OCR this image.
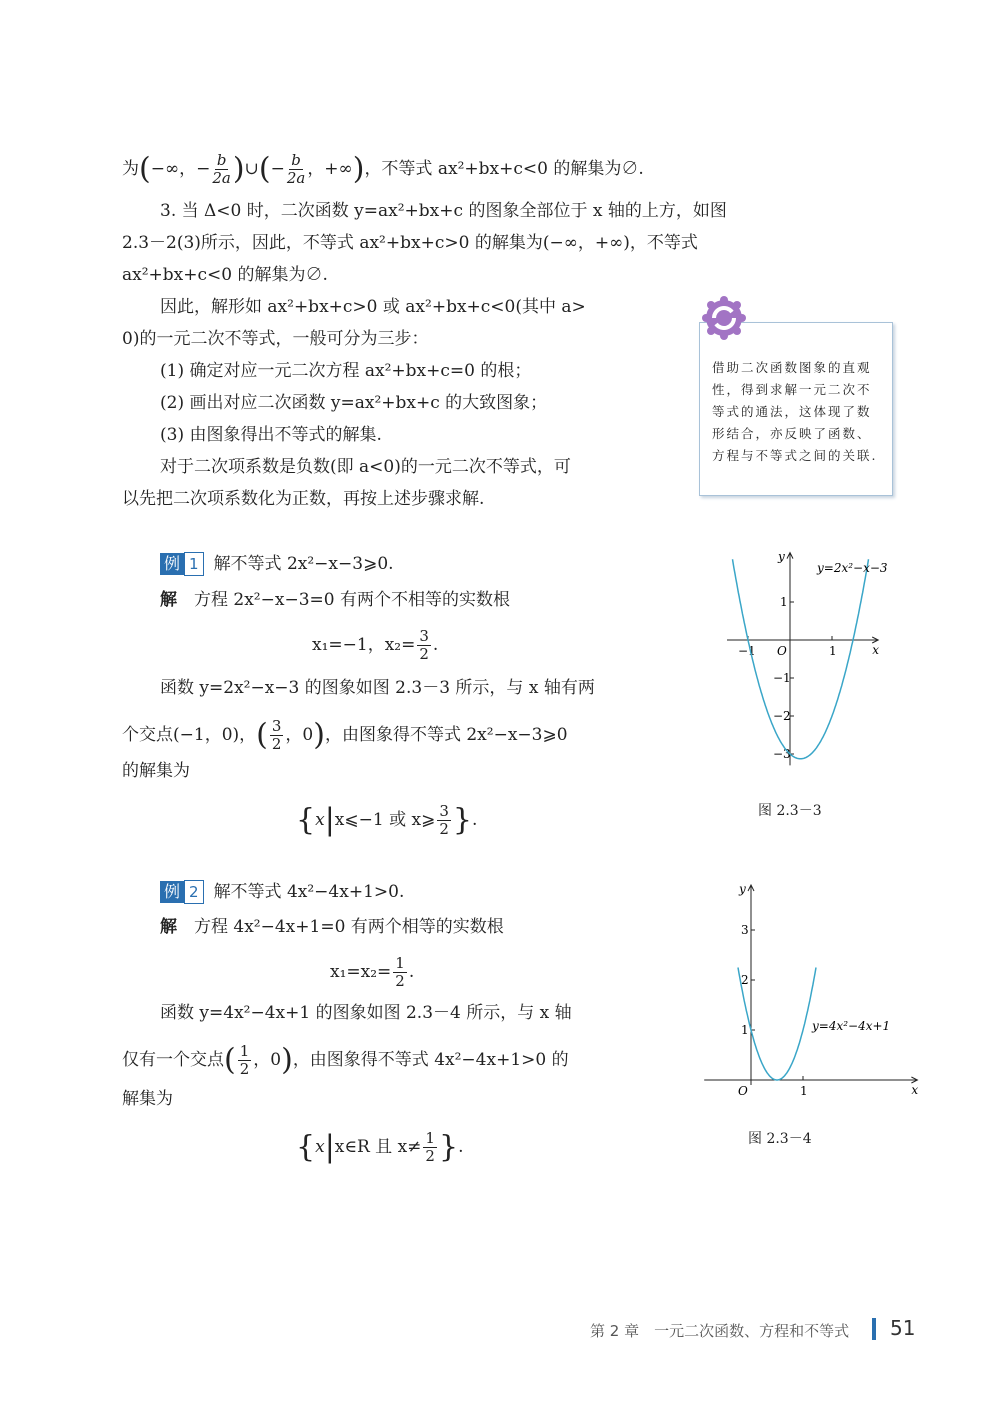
为(−∞，− $\frac{b}{2a}$ )∪(− $\frac{b}{2a}$ ，+∞)，不等式 ax²+bx+c<0 的解集为∅.
3. 当 Δ<0 时，二次函数 y=ax²+bx+c 的图象全部位于 x 轴的上方，如图
2.3－2(3)所示，因此，不等式 ax²+bx+c>0 的解集为(−∞，+∞)，不等式
ax²+bx+c<0 的解集为∅.
因此，解形如 ax²+bx+c>0 或 ax²+bx+c<0(其中 a>
0)的一元二次不等式，一般可分为三步：
(1) 确定对应一元二次方程 ax²+bx+c=0 的根；
(2) 画出对应二次函数 y=ax²+bx+c 的大致图象；
(3) 由图象得出不等式的解集.
对于二次项系数是负数(即 a<0)的一元二次不等式，可
以先把二次项系数化为正数，再按上述步骤求解.
借助二次函数图象的直观性，得到求解一元二次不等式的通法，这体现了数形结合，亦反映了函数、方程与不等式之间的关联.
例 1 解不等式 2x²−x−3⩾0.
解　 方程 2x²−x−3=0 有两个不相等的实数根
x₁=−1，$x_2= \frac{3}{2}$ .
函数 y=2x²−x−3 的图象如图 2.3－3 所示，与 x 轴有两
个交点(−1，0)，( $\frac{3}{2}$ ，0)，由图象得不等式 2x²−x−3⩾0
的解集为
{x|x⩽−1 或 x⩾ $\frac{3}{2}$ }.
x
y
O
−1	1
1
−1
−2
−3
y=2x²−x−3
图 2.3－3
例 2 解不等式 4x²−4x+1>0.
解　 方程 4x²−4x+1=0 有两个相等的实数根
$x_1=x_2= \frac{1}{2}$ .
函数 y=4x²−4x+1 的图象如图 2.3－4 所示，与 x 轴
仅有一个交点( $\frac{1}{2}$ ，0)，由图象得不等式 4x²−4x+1>0 的
解集为
{x|x∈R 且 $x\ne \frac{1}{2}$ }.
x
y
O	1
1
2
3
y=4x²−4x+1
图 2.3－4
第 2 章　一元二次函数、方程和不等式 51
